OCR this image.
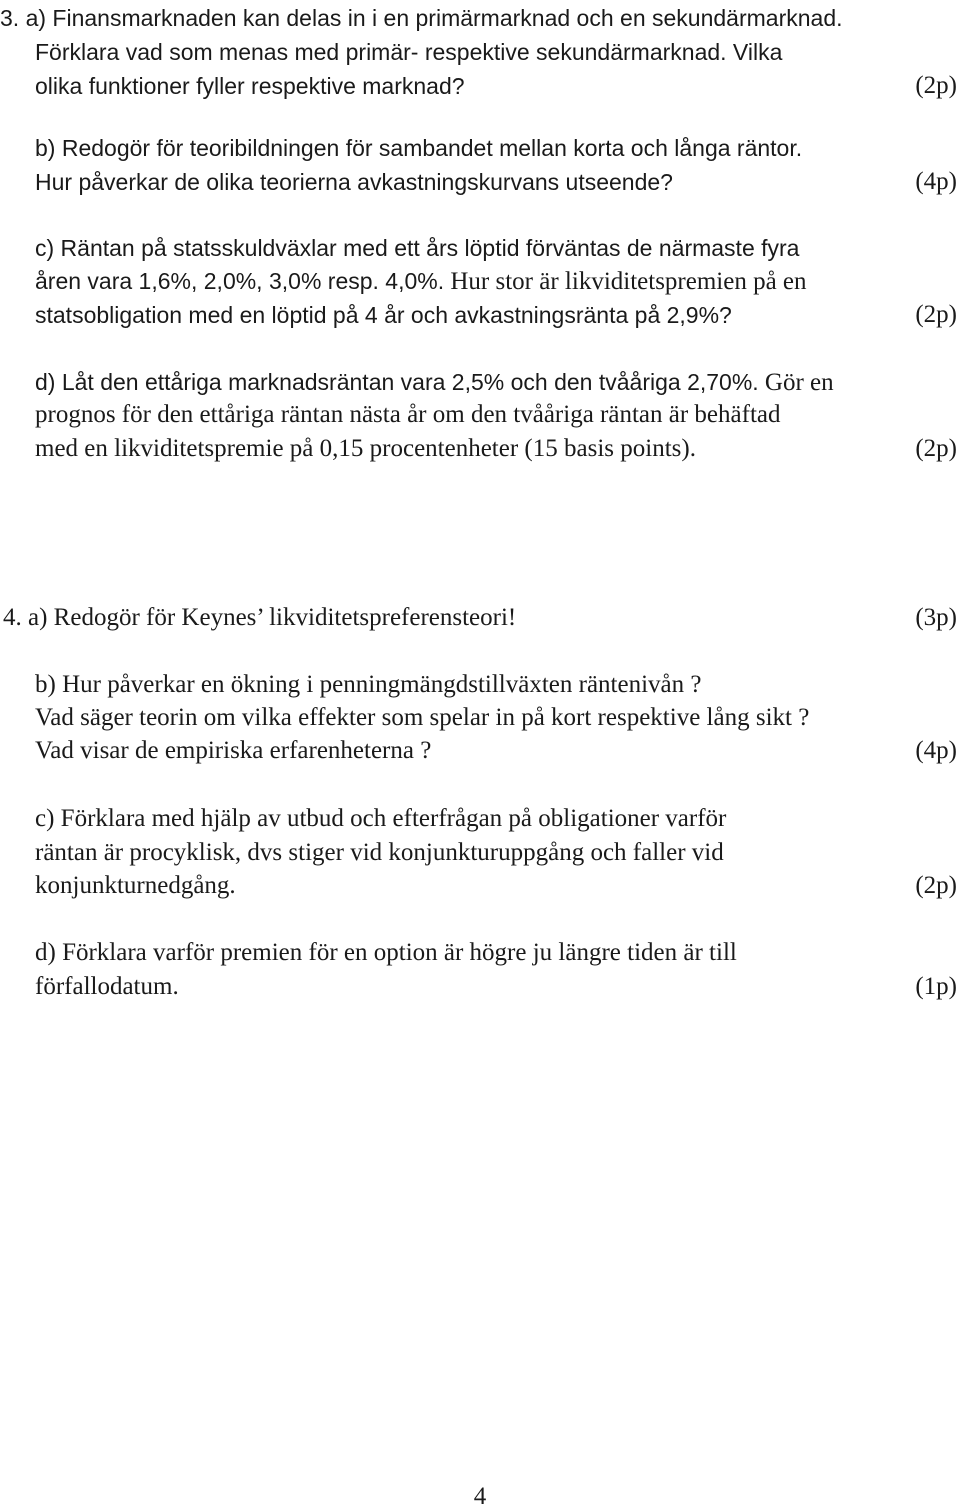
3. a) Finansmarknaden kan delas in i en primärmarknad och en sekundärmarknad.
Förklara vad som menas med primär- respektive sekundärmarknad. Vilka
olika funktioner fyller respektive marknad?	(2p)
b) Redogör för teoribildningen för sambandet mellan korta och långa räntor.
Hur påverkar de olika teorierna avkastningskurvans utseende?	(4p)
c) Räntan på statsskuldväxlar med ett års löptid förväntas de närmaste fyra
åren vara 1,6%, 2,0%, 3,0% resp. 4,0%. Hur stor är likviditetspremien på en
statsobligation med en löptid på 4 år och avkastningsränta på 2,9%?	(2p)
d) Låt den ettåriga marknadsräntan vara 2,5% och den tvååriga 2,70%. Gör en
prognos för den ettåriga räntan nästa år om den tvååriga räntan är behäftad
med en likviditetspremie på 0,15 procentenheter (15 basis points).	(2p)
4. a) Redogör för Keynes’ likviditetspreferensteori!	(3p)
b) Hur påverkar en ökning i penningmängdstillväxten räntenivån ?
Vad säger teorin om vilka effekter som spelar in på kort respektive lång sikt ?
Vad visar de empiriska erfarenheterna ?	(4p)
c) Förklara med hjälp av utbud och efterfrågan på obligationer varför
räntan är procyklisk, dvs stiger vid konjunkturuppgång och faller vid
konjunkturnedgång.	(2p)
d) Förklara varför premien för en option är högre ju längre tiden är till
förfallodatum.	(1p)
4
